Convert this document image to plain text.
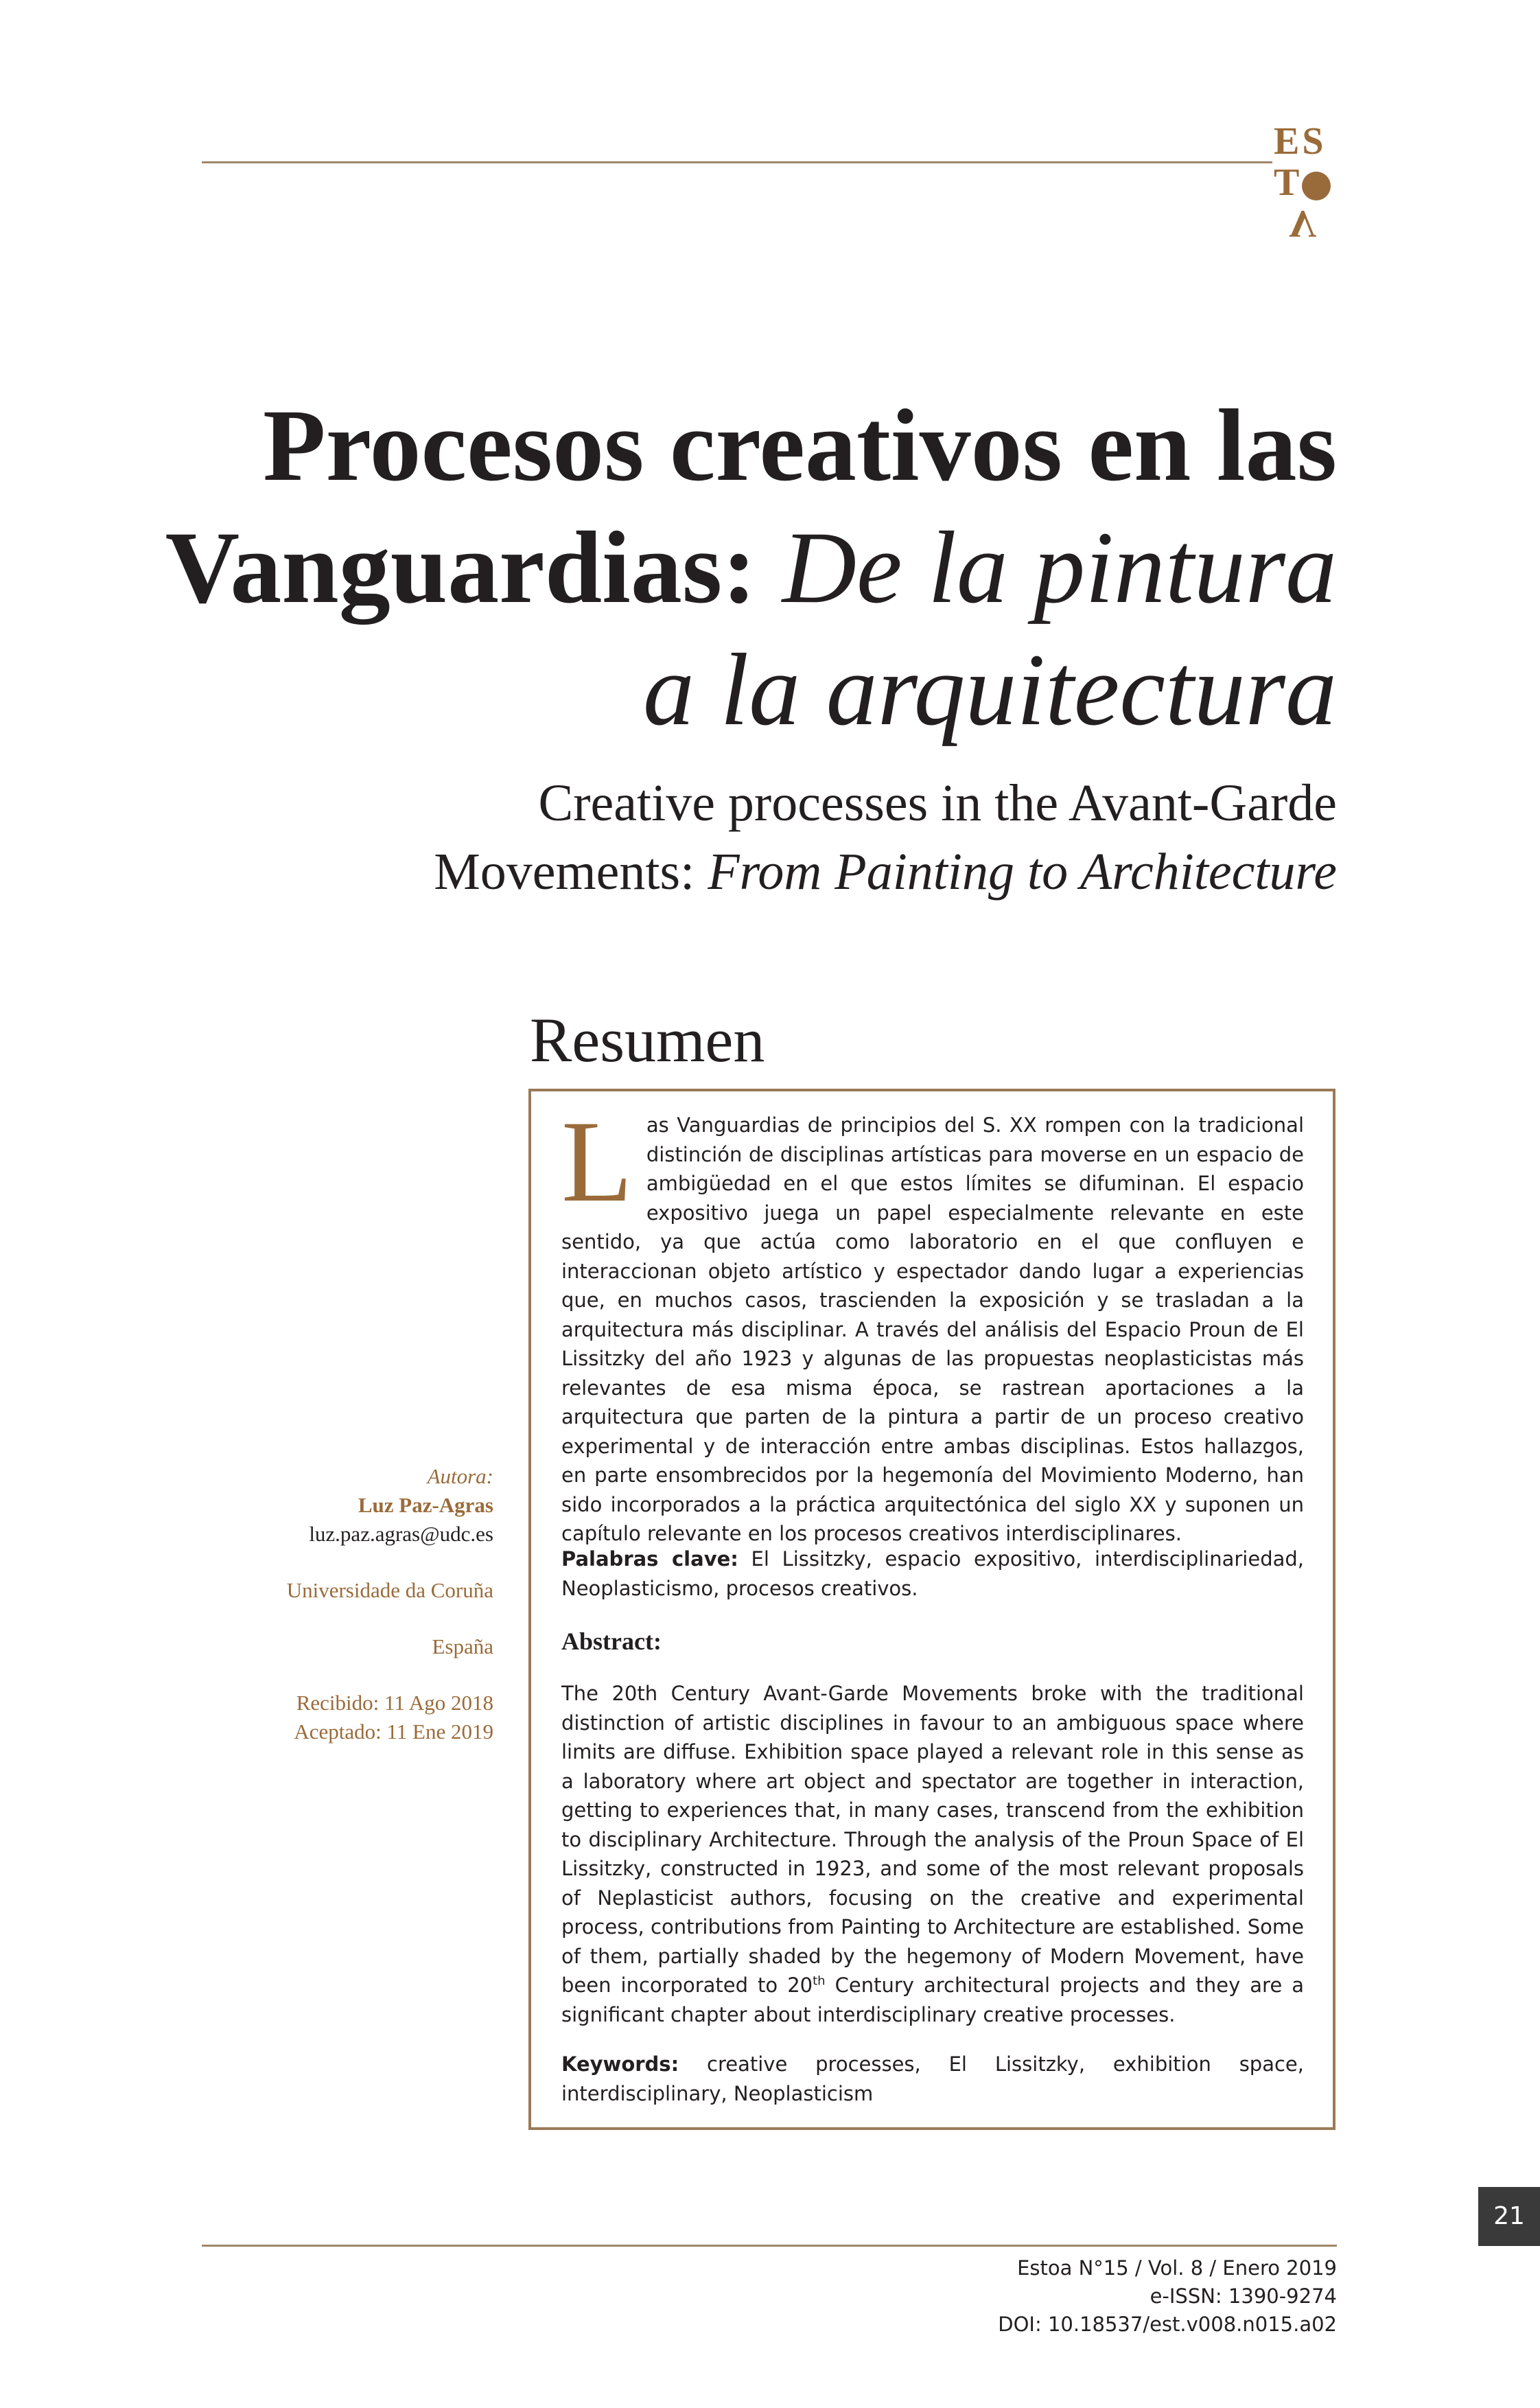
ES
T
V
Procesos creativos en las
Vanguardias: De la pintura
a la arquitectura
Creative processes in the Avant-Garde
Movements: From Painting to Architecture
Resumen
Autora:
Luz Paz-Agras
luz.paz.agras@udc.es
Universidade da Coruña
España
Recibido: 11 Ago 2018
Aceptado: 11 Ene 2019
Las Vanguardias de principios del S. XX rompen con la tradicional distinción de disciplinas artísticas para moverse en un espacio de ambigüedad en el que estos límites se difuminan. El espacio expositivo juega un papel especialmente relevante en este sentido, ya que actúa como laboratorio en el que confluyen e interaccionan objeto artístico y espectador dando lugar a experiencias que, en muchos casos, trascienden la exposición y se trasladan a la arquitectura más disciplinar. A través del análisis del Espacio Proun de El Lissitzky del año 1923 y algunas de las propuestas neoplasticistas más relevantes de esa misma época, se rastrean aportaciones a la arquitectura que parten de la pintura a partir de un proceso creativo experimental y de interacción entre ambas disciplinas. Estos hallazgos, en parte ensombrecidos por la hegemonía del Movimiento Moderno, han sido incorporados a la práctica arquitectónica del siglo XX y suponen un capítulo relevante en los procesos creativos interdisciplinares.
Palabras clave: El Lissitzky, espacio expositivo, interdisciplinariedad, Neoplasticismo, procesos creativos.
Abstract:
The 20th Century Avant-Garde Movements broke with the traditional distinction of artistic disciplines in favour to an ambiguous space where limits are diffuse. Exhibition space played a relevant role in this sense as a laboratory where art object and spectator are together in interaction, getting to experiences that, in many cases, transcend from the exhibition to disciplinary Architecture. Through the analysis of the Proun Space of El Lissitzky, constructed in 1923, and some of the most relevant proposals of Neplasticist authors, focusing on the creative and experimental process, contributions from Painting to Architecture are established. Some of them, partially shaded by the hegemony of Modern Movement, have been incorporated to 20th Century architectural projects and they are a significant chapter about interdisciplinary creative processes.
Keywords: creative processes, El Lissitzky, exhibition space, interdisciplinary, Neoplasticism
21
Estoa N°15 / Vol. 8 / Enero 2019
e-ISSN: 1390-9274
DOI: 10.18537/est.v008.n015.a02
